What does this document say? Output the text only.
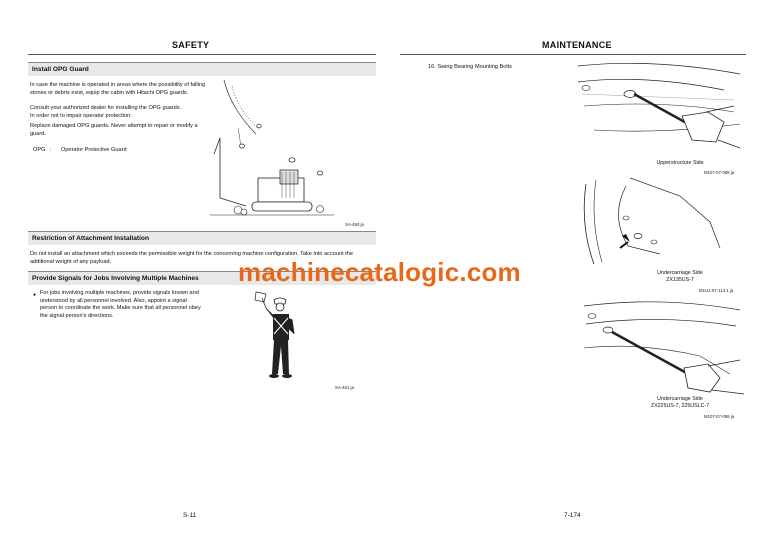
SAFETY
Install OPG Guard
In case the machine is operated in areas where the possibility of falling stones or debris exist, equip the cabin with Hitachi OPG guards.
Consult your authorized dealer for installing the OPG guards.
In order not to impair operator protection:
Replace damaged OPG guards. Never attempt to repair or modify a guard.
OPG : Operator Protective Guard
SA-490 ja
Restriction of Attachment Installation
Do not install an attachment which exceeds the permissible weight for the concerning machine configuration. Take into account the additional weight of any payload.
Provide Signals for Jobs Involving Multiple Machines
● For jobs involving multiple machines, provide signals known and understood by all personnel involved. Also, appoint a signal person to coordinate the work. Make sure that all personnel obey the signal person's directions.
SA-481 ja
S-11
MAINTENANCE
16. Swing Bearing Mounting Bolts
Upperstructure Side
M107-07-088 ja
Undercarriage Side
ZX135US-7
M1U1-07-113-1 ja
Undercarriage Side
ZX225US-7, 225USLC-7
M107-07-089 ja
7-174
machinecatalogic.com
